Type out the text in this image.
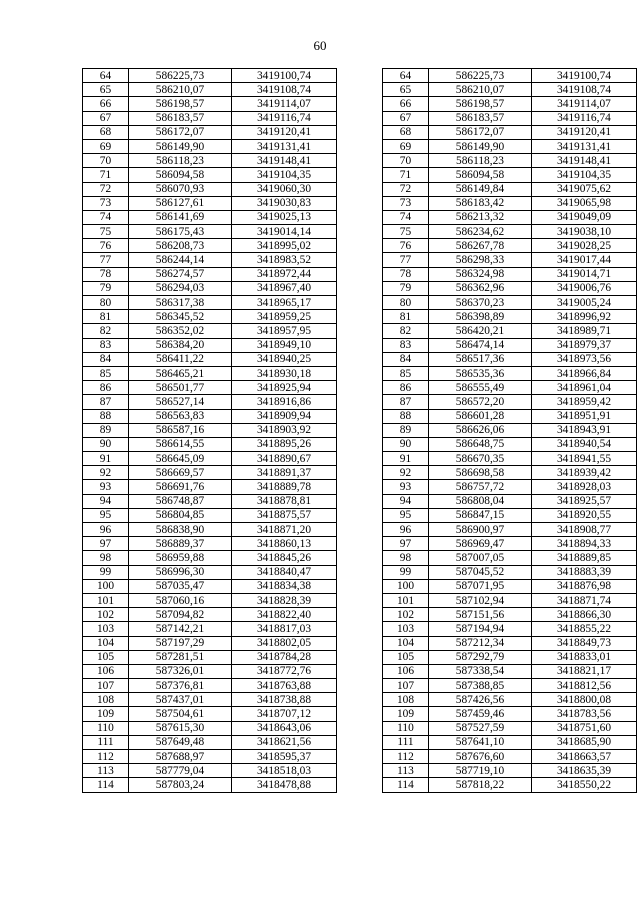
60
64	586225,73	3419100,74		64	586225,73	3419100,74
65	586210,07	3419108,74		65	586210,07	3419108,74
66	586198,57	3419114,07		66	586198,57	3419114,07
67	586183,57	3419116,74		67	586183,57	3419116,74
68	586172,07	3419120,41		68	586172,07	3419120,41
69	586149,90	3419131,41		69	586149,90	3419131,41
70	586118,23	3419148,41		70	586118,23	3419148,41
71	586094,58	3419104,35		71	586094,58	3419104,35
72	586070,93	3419060,30		72	586149,84	3419075,62
73	586127,61	3419030,83		73	586183,42	3419065,98
74	586141,69	3419025,13		74	586213,32	3419049,09
75	586175,43	3419014,14		75	586234,62	3419038,10
76	586208,73	3418995,02		76	586267,78	3419028,25
77	586244,14	3418983,52		77	586298,33	3419017,44
78	586274,57	3418972,44		78	586324,98	3419014,71
79	586294,03	3418967,40		79	586362,96	3419006,76
80	586317,38	3418965,17		80	586370,23	3419005,24
81	586345,52	3418959,25		81	586398,89	3418996,92
82	586352,02	3418957,95		82	586420,21	3418989,71
83	586384,20	3418949,10		83	586474,14	3418979,37
84	586411,22	3418940,25		84	586517,36	3418973,56
85	586465,21	3418930,18		85	586535,36	3418966,84
86	586501,77	3418925,94		86	586555,49	3418961,04
87	586527,14	3418916,86		87	586572,20	3418959,42
88	586563,83	3418909,94		88	586601,28	3418951,91
89	586587,16	3418903,92		89	586626,06	3418943,91
90	586614,55	3418895,26		90	586648,75	3418940,54
91	586645,09	3418890,67		91	586670,35	3418941,55
92	586669,57	3418891,37		92	586698,58	3418939,42
93	586691,76	3418889,78		93	586757,72	3418928,03
94	586748,87	3418878,81		94	586808,04	3418925,57
95	586804,85	3418875,57		95	586847,15	3418920,55
96	586838,90	3418871,20		96	586900,97	3418908,77
97	586889,37	3418860,13		97	586969,47	3418894,33
98	586959,88	3418845,26		98	587007,05	3418889,85
99	586996,30	3418840,47		99	587045,52	3418883,39
100	587035,47	3418834,38		100	587071,95	3418876,98
101	587060,16	3418828,39		101	587102,94	3418871,74
102	587094,82	3418822,40		102	587151,56	3418866,30
103	587142,21	3418817,03		103	587194,94	3418855,22
104	587197,29	3418802,05		104	587212,34	3418849,73
105	587281,51	3418784,28		105	587292,79	3418833,01
106	587326,01	3418772,76		106	587338,54	3418821,17
107	587376,81	3418763,88		107	587388,85	3418812,56
108	587437,01	3418738,88		108	587426,56	3418800,08
109	587504,61	3418707,12		109	587459,46	3418783,56
110	587615,30	3418643,06		110	587527,59	3418751,60
111	587649,48	3418621,56		111	587641,10	3418685,90
112	587688,97	3418595,37		112	587676,60	3418663,57
113	587779,04	3418518,03		113	587719,10	3418635,39
114	587803,24	3418478,88		114	587818,22	3418550,22
